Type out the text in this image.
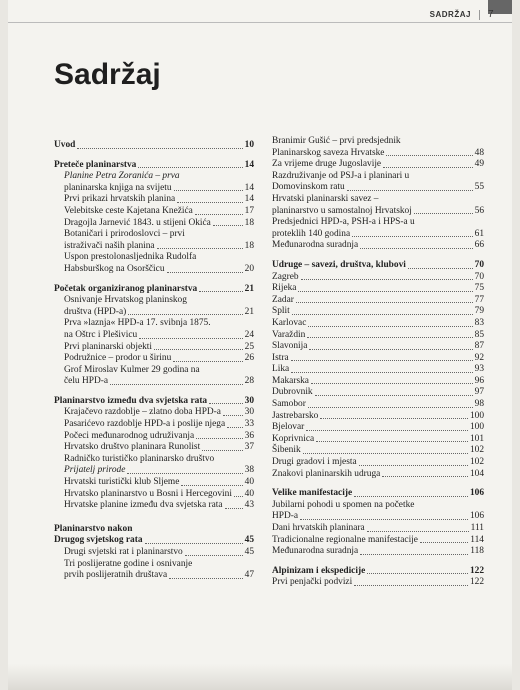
SADRŽAJ 7
Sadržaj
Uvod	10
Preteče planinarstva	14
Planine Petra Zoranića – prva
planinarska knjiga na svijetu	14
Prvi prikazi hrvatskih planina	14
Velebitske ceste Kajetana Knežića	17
Dragojla Jarnević 1843. u stijeni Okića	18
Botaničari i prirodoslovci – prvi
istraživači naših planina	18
Uspon prestolonasljednika Rudolfa
Habsburškog na Osorščicu	20
Početak organiziranog planinarstva	21
Osnivanje Hrvatskog planinskog
društva (HPD-a)	21
Prva »laznja« HPD-a 17. svibnja 1875.
na Oštrc i Plešivicu	24
Prvi planinarski objekti	25
Podružnice – prodor u širinu	26
Grof Miroslav Kulmer 29 godina na
čelu HPD-a	28
Planinarstvo između dva svjetska rata	30
Krajačevo razdoblje – zlatno doba HPD-a	30
Pasarićevo razdoblje HPD-a i poslije njega 33
Počeci međunarodnog udruživanja	36
Hrvatsko društvo planinara Runolist	37
Radničko turističko planinarsko društvo
Prijatelj prirode	38
Hrvatski turistički klub Sljeme	40
Hrvatsko planinarstvo u Bosni i Hercegovini 40
Hrvatske planine između dva svjetska rata 43
Planinarstvo nakon
Drugog svjetskog rata	45
Drugi svjetski rat i planinarstvo	45
Tri poslijeratne godine i osnivanje
prvih poslijeratnih društava	47
Branimir Gušić – prvi predsjednik
Planinarskog saveza Hrvatske	48
Za vrijeme druge Jugoslavije	49
Razdruživanje od PSJ-a i planinari u
Domovinskom ratu	55
Hrvatski planinarski savez –
planinarstvo u samostalnoj Hrvatskoj	56
Predsjednici HPD-a, PSH-a i HPS-a u
proteklih 140 godina	61
Međunarodna suradnja	66
Udruge – savezi, društva, klubovi	70
Zagreb	70
Rijeka	75
Zadar	77
Split	79
Karlovac	83
Varaždin	85
Slavonija	87
Istra	92
Lika	93
Makarska	96
Dubrovnik	97
Samobor	98
Jastrebarsko	100
Bjelovar	100
Koprivnica	101
Šibenik	102
Drugi gradovi i mjesta	102
Znakovi planinarskih udruga	104
Velike manifestacije	106
Jubilarni pohodi u spomen na početke
HPD-a	106
Dani hrvatskih planinara	111
Tradicionalne regionalne manifestacije	114
Međunarodna suradnja	118
Alpinizam i ekspedicije	122
Prvi penjački podvizi	122
